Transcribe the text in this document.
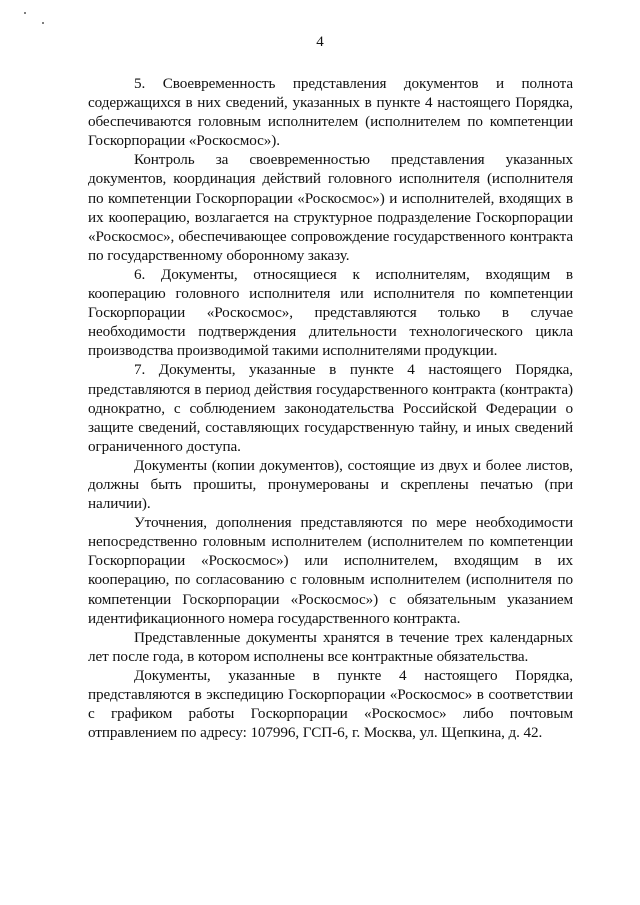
4

5. Своевременность представления документов и полнота содержащихся в них сведений, указанных в пункте 4 настоящего Порядка, обеспечиваются головным исполнителем (исполнителем по компетенции Госкорпорации «Роскосмос»).

Контроль за своевременностью представления указанных документов, координация действий головного исполнителя (исполнителя по компетенции Госкорпорации «Роскосмос») и исполнителей, входящих в их кооперацию, возлагается на структурное подразделение Госкорпорации «Роскосмос», обеспечивающее сопровождение государственного контракта по государственному оборонному заказу.

6. Документы, относящиеся к исполнителям, входящим в кооперацию головного исполнителя или исполнителя по компетенции Госкорпорации «Роскосмос», представляются только в случае необходимости подтверждения длительности технологического цикла производства производимой такими исполнителями продукции.

7. Документы, указанные в пункте 4 настоящего Порядка, представляются в период действия государственного контракта (контракта) однократно, с соблюдением законодательства Российской Федерации о защите сведений, составляющих государственную тайну, и иных сведений ограниченного доступа.

Документы (копии документов), состоящие из двух и более листов, должны быть прошиты, пронумерованы и скреплены печатью (при наличии).

Уточнения, дополнения представляются по мере необходимости непосредственно головным исполнителем (исполнителем по компетенции Госкорпорации «Роскосмос») или исполнителем, входящим в их кооперацию, по согласованию с головным исполнителем (исполнителя по компетенции Госкорпорации «Роскосмос») с обязательным указанием идентификационного номера государственного контракта.

Представленные документы хранятся в течение трех календарных лет после года, в котором исполнены все контрактные обязательства.

Документы, указанные в пункте 4 настоящего Порядка, представляются в экспедицию Госкорпорации «Роскосмос» в соответствии с графиком работы Госкорпорации «Роскосмос» либо почтовым отправлением по адресу: 107996, ГСП-6, г. Москва, ул. Щепкина, д. 42.
